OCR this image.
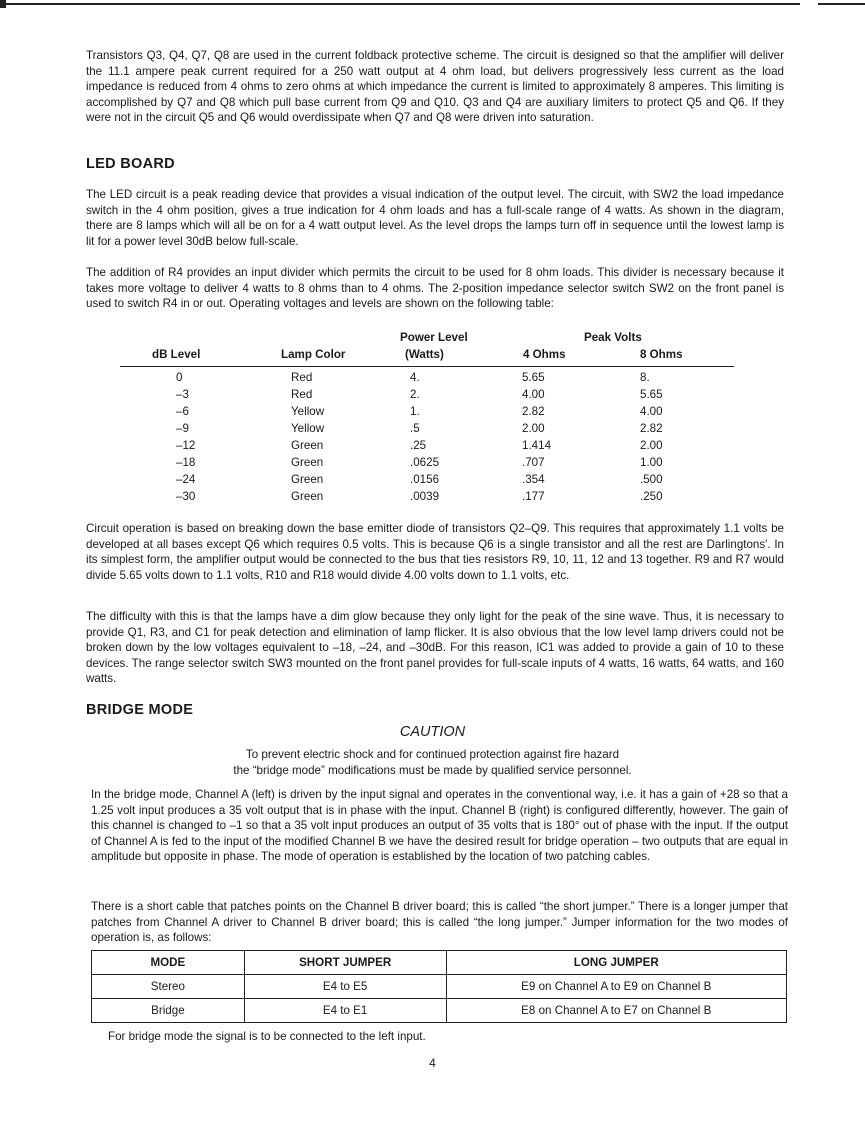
Transistors Q3, Q4, Q7, Q8 are used in the current foldback protective scheme. The circuit is designed so that the amplifier will deliver the 11.1 ampere peak current required for a 250 watt output at 4 ohm load, but delivers progressively less current as the load impedance is reduced from 4 ohms to zero ohms at which impedance the current is limited to approximately 8 amperes. This limiting is accomplished by Q7 and Q8 which pull base current from Q9 and Q10. Q3 and Q4 are auxiliary limiters to protect Q5 and Q6. If they were not in the circuit Q5 and Q6 would overdissipate when Q7 and Q8 were driven into saturation.

LED BOARD

The LED circuit is a peak reading device that provides a visual indication of the output level. The circuit, with SW2 the load impedance switch in the 4 ohm position, gives a true indication for 4 ohm loads and has a full-scale range of 4 watts. As shown in the diagram, there are 8 lamps which will all be on for a 4 watt output level. As the level drops the lamps turn off in sequence until the lowest lamp is lit for a power level 30dB below full-scale.

The addition of R4 provides an input divider which permits the circuit to be used for 8 ohm loads. This divider is necessary because it takes more voltage to deliver 4 watts to 8 ohms than to 4 ohms. The 2-position impedance selector switch SW2 on the front panel is used to switch R4 in or out. Operating voltages and levels are shown on the following table:

Power Level	Peak Volts
dB Level	Lamp Color	(Watts)	4 Ohms	8 Ohms
0	Red	4.	5.65	8.
–3	Red	2.	4.00	5.65
–6	Yellow	1.	2.82	4.00
–9	Yellow	.5	2.00	2.82
–12	Green	.25	1.414	2.00
–18	Green	.0625	.707	1.00
–24	Green	.0156	.354	.500
–30	Green	.0039	.177	.250

Circuit operation is based on breaking down the base emitter diode of transistors Q2–Q9. This requires that approximately 1.1 volts be developed at all bases except Q6 which requires 0.5 volts. This is because Q6 is a single transistor and all the rest are Darlingtons'. In its simplest form, the amplifier output would be connected to the bus that ties resistors R9, 10, 11, 12 and 13 together. R9 and R7 would divide 5.65 volts down to 1.1 volts, R10 and R18 would divide 4.00 volts down to 1.1 volts, etc.

The difficulty with this is that the lamps have a dim glow because they only light for the peak of the sine wave. Thus, it is necessary to provide Q1, R3, and C1 for peak detection and elimination of lamp flicker. It is also obvious that the low level lamp drivers could not be broken down by the low voltages equivalent to –18, –24, and –30dB. For this reason, IC1 was added to provide a gain of 10 to these devices. The range selector switch SW3 mounted on the front panel provides for full-scale inputs of 4 watts, 16 watts, 64 watts, and 160 watts.

BRIDGE MODE
CAUTION
To prevent electric shock and for continued protection against fire hazard
the “bridge mode” modifications must be made by qualified service personnel.

In the bridge mode, Channel A (left) is driven by the input signal and operates in the conventional way, i.e. it has a gain of +28 so that a 1.25 volt input produces a 35 volt output that is in phase with the input. Channel B (right) is configured differently, however. The gain of this channel is changed to –1 so that a 35 volt input produces an output of 35 volts that is 180° out of phase with the input. If the output of Channel A is fed to the input of the modified Channel B we have the desired result for bridge operation – two outputs that are equal in amplitude but opposite in phase. The mode of operation is established by the location of two patching cables.

There is a short cable that patches points on the Channel B driver board; this is called “the short jumper.” There is a longer jumper that patches from Channel A driver to Channel B driver board; this is called “the long jumper.” Jumper information for the two modes of operation is, as follows:

MODE	SHORT JUMPER	LONG JUMPER
Stereo	E4 to E5	E9 on Channel A to E9 on Channel B
Bridge	E4 to E1	E8 on Channel A to E7 on Channel B
For bridge mode the signal is to be connected to the left input.
4
